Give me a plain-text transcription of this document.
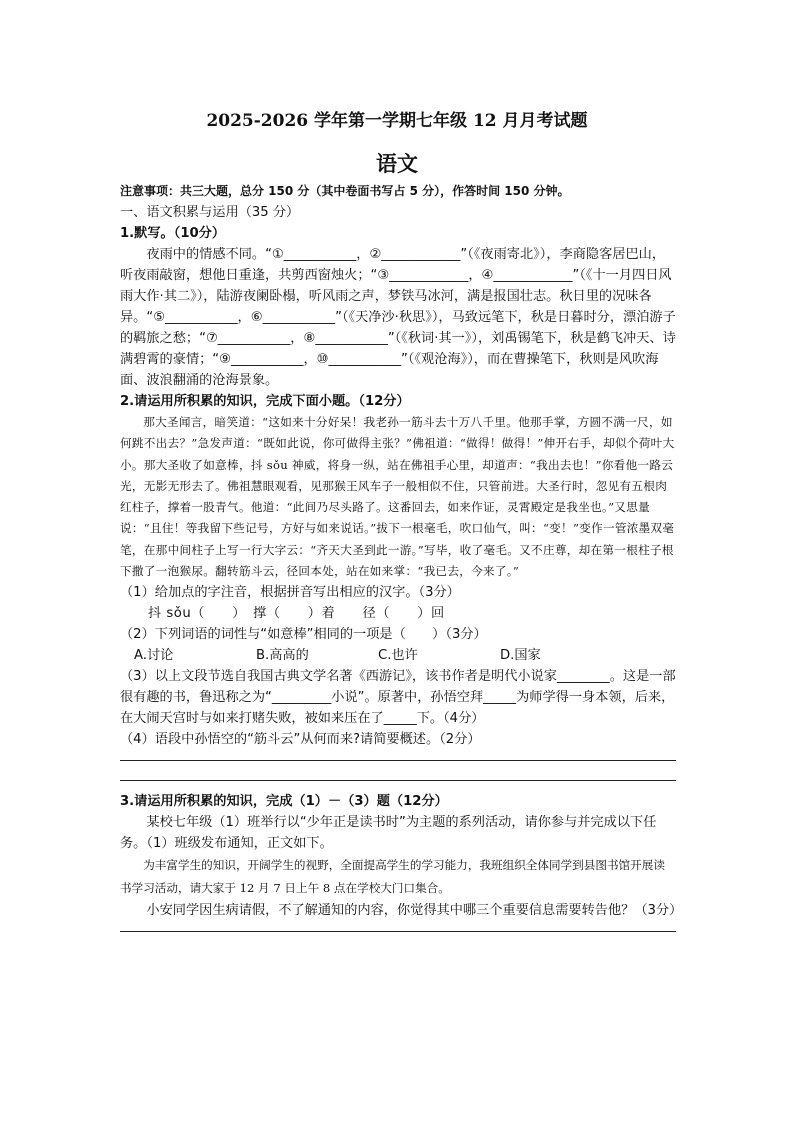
2025-2026 学年第一学期七年级 12 月月考试题
语文

注意事项：共三大题，总分 150 分（其中卷面书写占 5 分），作答时间 150 分钟。

一、语文积累与运用（35 分）

1.默写。（10分）

夜雨中的情感不同。“①___________，②____________”（《夜雨寄北》），李商隐客居巴山，听夜雨敲窗，想他日重逢，共剪西窗烛火；“③____________，④____________”（《十一月四日风雨大作·其二》），陆游夜阑卧榻，听风雨之声，梦铁马冰河，满是报国壮志。秋日里的况味各异。“⑤___________，⑥___________”（《天净沙·秋思》），马致远笔下，秋是日暮时分，漂泊游子的羁旅之愁；“⑦___________，⑧___________”（《秋词·其一》），刘禹锡笔下，秋是鹤飞冲天、诗满碧霄的豪情；“⑨___________，⑩___________”（《观沧海》），而在曹操笔下，秋则是风吹海面、波浪翻涌的沧海景象。

2.请运用所积累的知识，完成下面小题。（12分）

那大圣闻言，暗笑道：“这如来十分好呆！我老孙一筋斗去十万八千里。他那手掌，方圆不满一尺，如何跳不出去？”急发声道：“既如此说，你可做得主张？”佛祖道：“做得！做得！”伸开右手，却似个荷叶大小。那大圣收了如意棒，抖 sǒu 神威，将身一纵，站在佛祖手心里，却道声：“我出去也！”你看他一路云光，无影无形去了。佛祖慧眼观看，见那猴王风车子一般相似不住，只管前进。大圣行时，忽见有五根肉红柱子，撑着一股青气。他道：“此间乃尽头路了。这番回去，如来作证，灵霄殿定是我坐也。”又思量说：“且住！等我留下些记号，方好与如来说话。”拔下一根毫毛，吹口仙气，叫：“变！”变作一管浓墨双毫笔，在那中间柱子上写一行大字云：“齐天大圣到此一游。”写毕，收了毫毛。又不庄尊，却在第一根柱子根下撒了一泡猴尿。翻转筋斗云，径回本处，站在如来掌：“我已去，今来了。”

（1）给加点的字注音，根据拼音写出相应的汉字。（3分）

抖 sǒu（　　）　撑（　　）着　　径（　　）回

（2）下列词语的词性与“如意棒”相同的一项是（　　）（3分）

A.讨论	B.高高的	C.也许	D.国家

（3）以上文段节选自我国古典文学名著《西游记》，该书作者是明代小说家________。这是一部很有趣的书，鲁迅称之为“_________小说”。原著中，孙悟空拜_____为师学得一身本领，后来，在大闹天宫时与如来打赌失败，被如来压在了_____下。（4分）

（4）语段中孙悟空的“筋斗云”从何而来?请简要概述。（2分）

3.请运用所积累的知识，完成（1）－（3）题（12分）

某校七年级（1）班举行以“少年正是读书时”为主题的系列活动，请你参与并完成以下任务。（1）班级发布通知，正文如下。

为丰富学生的知识，开阔学生的视野，全面提高学生的学习能力，我班组织全体同学到县图书馆开展读书学习活动，请大家于 12 月 7 日上午 8 点在学校大门口集合。

小安同学因生病请假，不了解通知的内容，你觉得其中哪三个重要信息需要转告他？（3分）
